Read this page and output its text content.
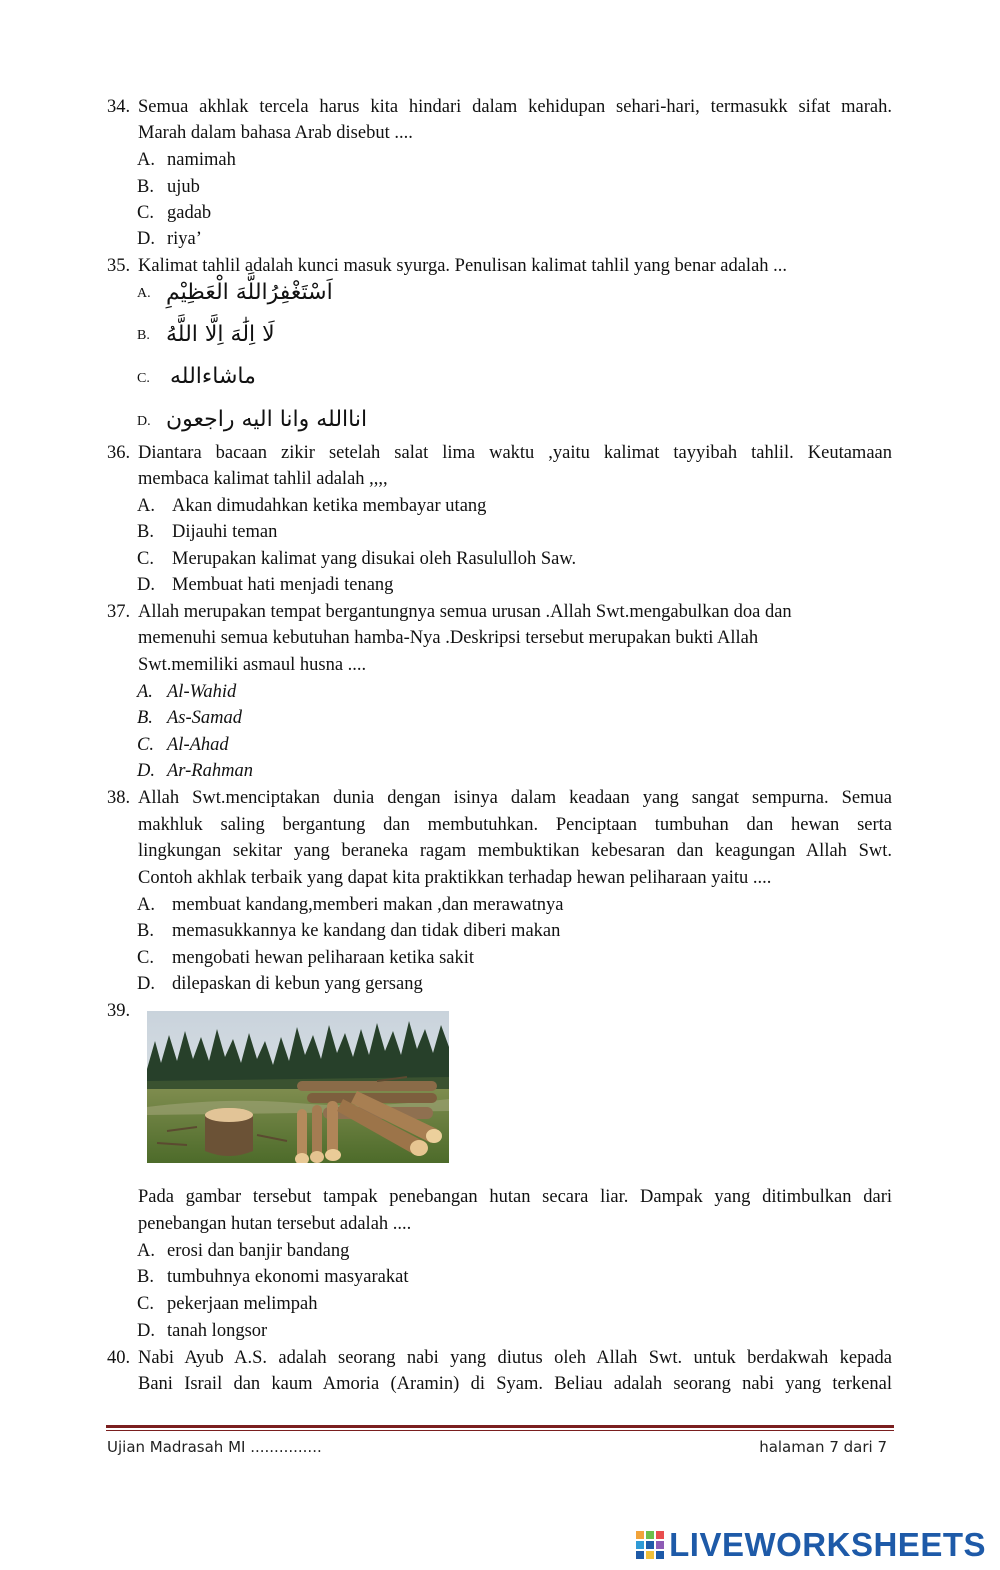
34. Semua akhlak tercela harus kita hindari dalam kehidupan sehari-hari, termasukk sifat marah.
Marah dalam bahasa Arab disebut ....
A. namimah
B. ujub
C. gadab
D. riya’
35. Kalimat tahlil adalah kunci masuk syurga. Penulisan kalimat tahlil yang benar adalah ...
A. اَسْتَغْفِرُاللَّهَ الْعَظِيْمِ
B. لَا اِلَٰهَ اِلَّا اللَّهُ
C. ماشاءالله
D. اناالله وانا اليه راجعون
36. Diantara bacaan zikir setelah salat lima waktu ,yaitu kalimat tayyibah tahlil. Keutamaan
membaca kalimat tahlil adalah ,,,,
A. Akan dimudahkan ketika membayar utang
B. Dijauhi teman
C. Merupakan kalimat yang disukai oleh Rasululloh Saw.
D. Membuat hati menjadi tenang
37. Allah merupakan tempat bergantungnya semua urusan .Allah Swt.mengabulkan doa dan
memenuhi semua kebutuhan hamba-Nya .Deskripsi tersebut merupakan bukti Allah
Swt.memiliki asmaul husna ....
A. Al-Wahid
B. As-Samad
C. Al-Ahad
D. Ar-Rahman
38. Allah Swt.menciptakan dunia dengan isinya dalam keadaan yang sangat sempurna. Semua
makhluk saling bergantung dan membutuhkan. Penciptaan tumbuhan dan hewan serta
lingkungan sekitar yang beraneka ragam membuktikan kebesaran dan keagungan Allah Swt.
Contoh akhlak terbaik yang dapat kita praktikkan terhadap hewan peliharaan yaitu ....
A. membuat kandang,memberi makan ,dan merawatnya
B. memasukkannya ke kandang dan tidak diberi makan
C. mengobati hewan peliharaan ketika sakit
D. dilepaskan di kebun yang gersang
39.
Pada gambar tersebut tampak penebangan hutan secara liar. Dampak yang ditimbulkan dari
penebangan hutan tersebut adalah ....
A. erosi dan banjir bandang
B. tumbuhnya ekonomi masyarakat
C. pekerjaan melimpah
D. tanah longsor
40. Nabi Ayub A.S. adalah seorang nabi yang diutus oleh Allah Swt. untuk berdakwah kepada
Bani Israil dan kaum Amoria (Aramin) di Syam. Beliau adalah seorang nabi yang terkenal
Ujian Madrasah MI ...............	halaman 7 dari 7
LIVEWORKSHEETS
